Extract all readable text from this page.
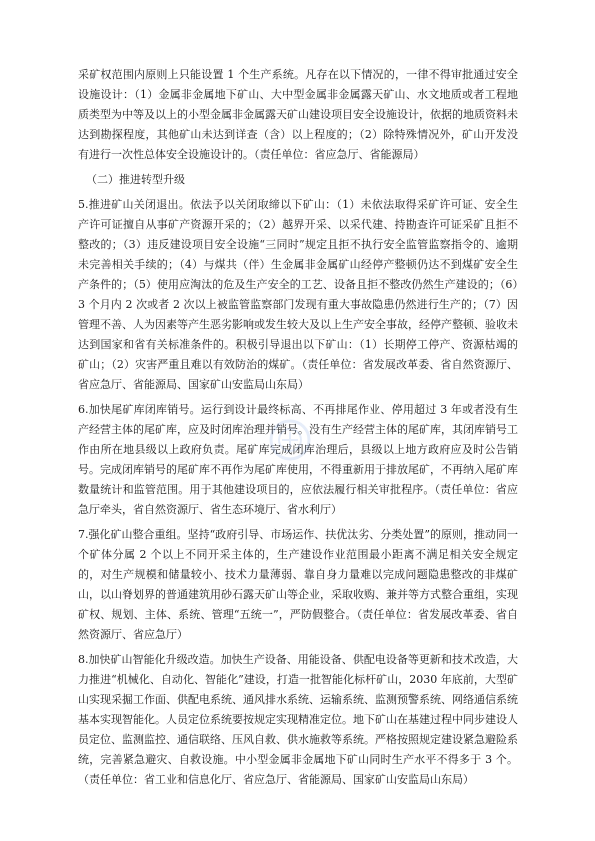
采矿权范围内原则上只能设置 1 个生产系统。凡存在以下情况的，一律不得审批通过安全设施设计：（1）金属非金属地下矿山、大中型金属非金属露天矿山、水文地质或者工程地质类型为中等及以上的小型金属非金属露天矿山建设项目安全设施设计，依据的地质资料未达到勘探程度，其他矿山未达到详查（含）以上程度的；（2）除特殊情况外，矿山开发没有进行一次性总体安全设施设计的。（责任单位：省应急厅、省能源局）

（二）推进转型升级

5.推进矿山关闭退出。依法予以关闭取缔以下矿山：（1）未依法取得采矿许可证、安全生产许可证擅自从事矿产资源开采的；（2）越界开采、以采代建、持勘查许可证采矿且拒不整改的；（3）违反建设项目安全设施“三同时”规定且拒不执行安全监管监察指令的、逾期未完善相关手续的；（4）与煤共（伴）生金属非金属矿山经停产整顿仍达不到煤矿安全生产条件的；（5）使用应淘汰的危及生产安全的工艺、设备且拒不整改仍然生产建设的；（6）3 个月内 2 次或者 2 次以上被监管监察部门发现有重大事故隐患仍然进行生产的；（7）因管理不善、人为因素等产生恶劣影响或发生较大及以上生产安全事故，经停产整顿、验收未达到国家和省有关标准条件的。积极引导退出以下矿山：（1）长期停工停产、资源枯竭的矿山；（2）灾害严重且难以有效防治的煤矿。（责任单位：省发展改革委、省自然资源厅、省应急厅、省能源局、国家矿山安监局山东局）

6.加快尾矿库闭库销号。运行到设计最终标高、不再排尾作业、停用超过 3 年或者没有生产经营主体的尾矿库，应及时闭库治理并销号。没有生产经营主体的尾矿库，其闭库销号工作由所在地县级以上政府负责。尾矿库完成闭库治理后，县级以上地方政府应及时公告销号。完成闭库销号的尾矿库不再作为尾矿库使用，不得重新用于排放尾矿，不再纳入尾矿库数量统计和监管范围。用于其他建设项目的，应依法履行相关审批程序。（责任单位：省应急厅牵头，省自然资源厅、省生态环境厅、省水利厅）

7.强化矿山整合重组。坚持“政府引导、市场运作、扶优汰劣、分类处置”的原则，推动同一个矿体分属 2 个以上不同开采主体的，生产建设作业范围最小距离不满足相关安全规定的，对生产规模和储量较小、技术力量薄弱、靠自身力量难以完成问题隐患整改的非煤矿山，以山脊划界的普通建筑用砂石露天矿山等企业，采取收购、兼并等方式整合重组，实现矿权、规划、主体、系统、管理“五统一”，严防假整合。（责任单位：省发展改革委、省自然资源厅、省应急厅）

8.加快矿山智能化升级改造。加快生产设备、用能设备、供配电设备等更新和技术改造，大力推进“机械化、自动化、智能化”建设，打造一批智能化标杆矿山，2030 年底前，大型矿山实现采掘工作面、供配电系统、通风排水系统、运输系统、监测预警系统、网络通信系统基本实现智能化。人员定位系统要按规定实现精准定位。地下矿山在基建过程中同步建设人员定位、监测监控、通信联络、压风自救、供水施救等系统。严格按照规定建设紧急避险系统，完善紧急避灾、自救设施。中小型金属非金属地下矿山同时生产水平不得多于 3 个。（责任单位：省工业和信息化厅、省应急厅、省能源局、国家矿山安监局山东局）
